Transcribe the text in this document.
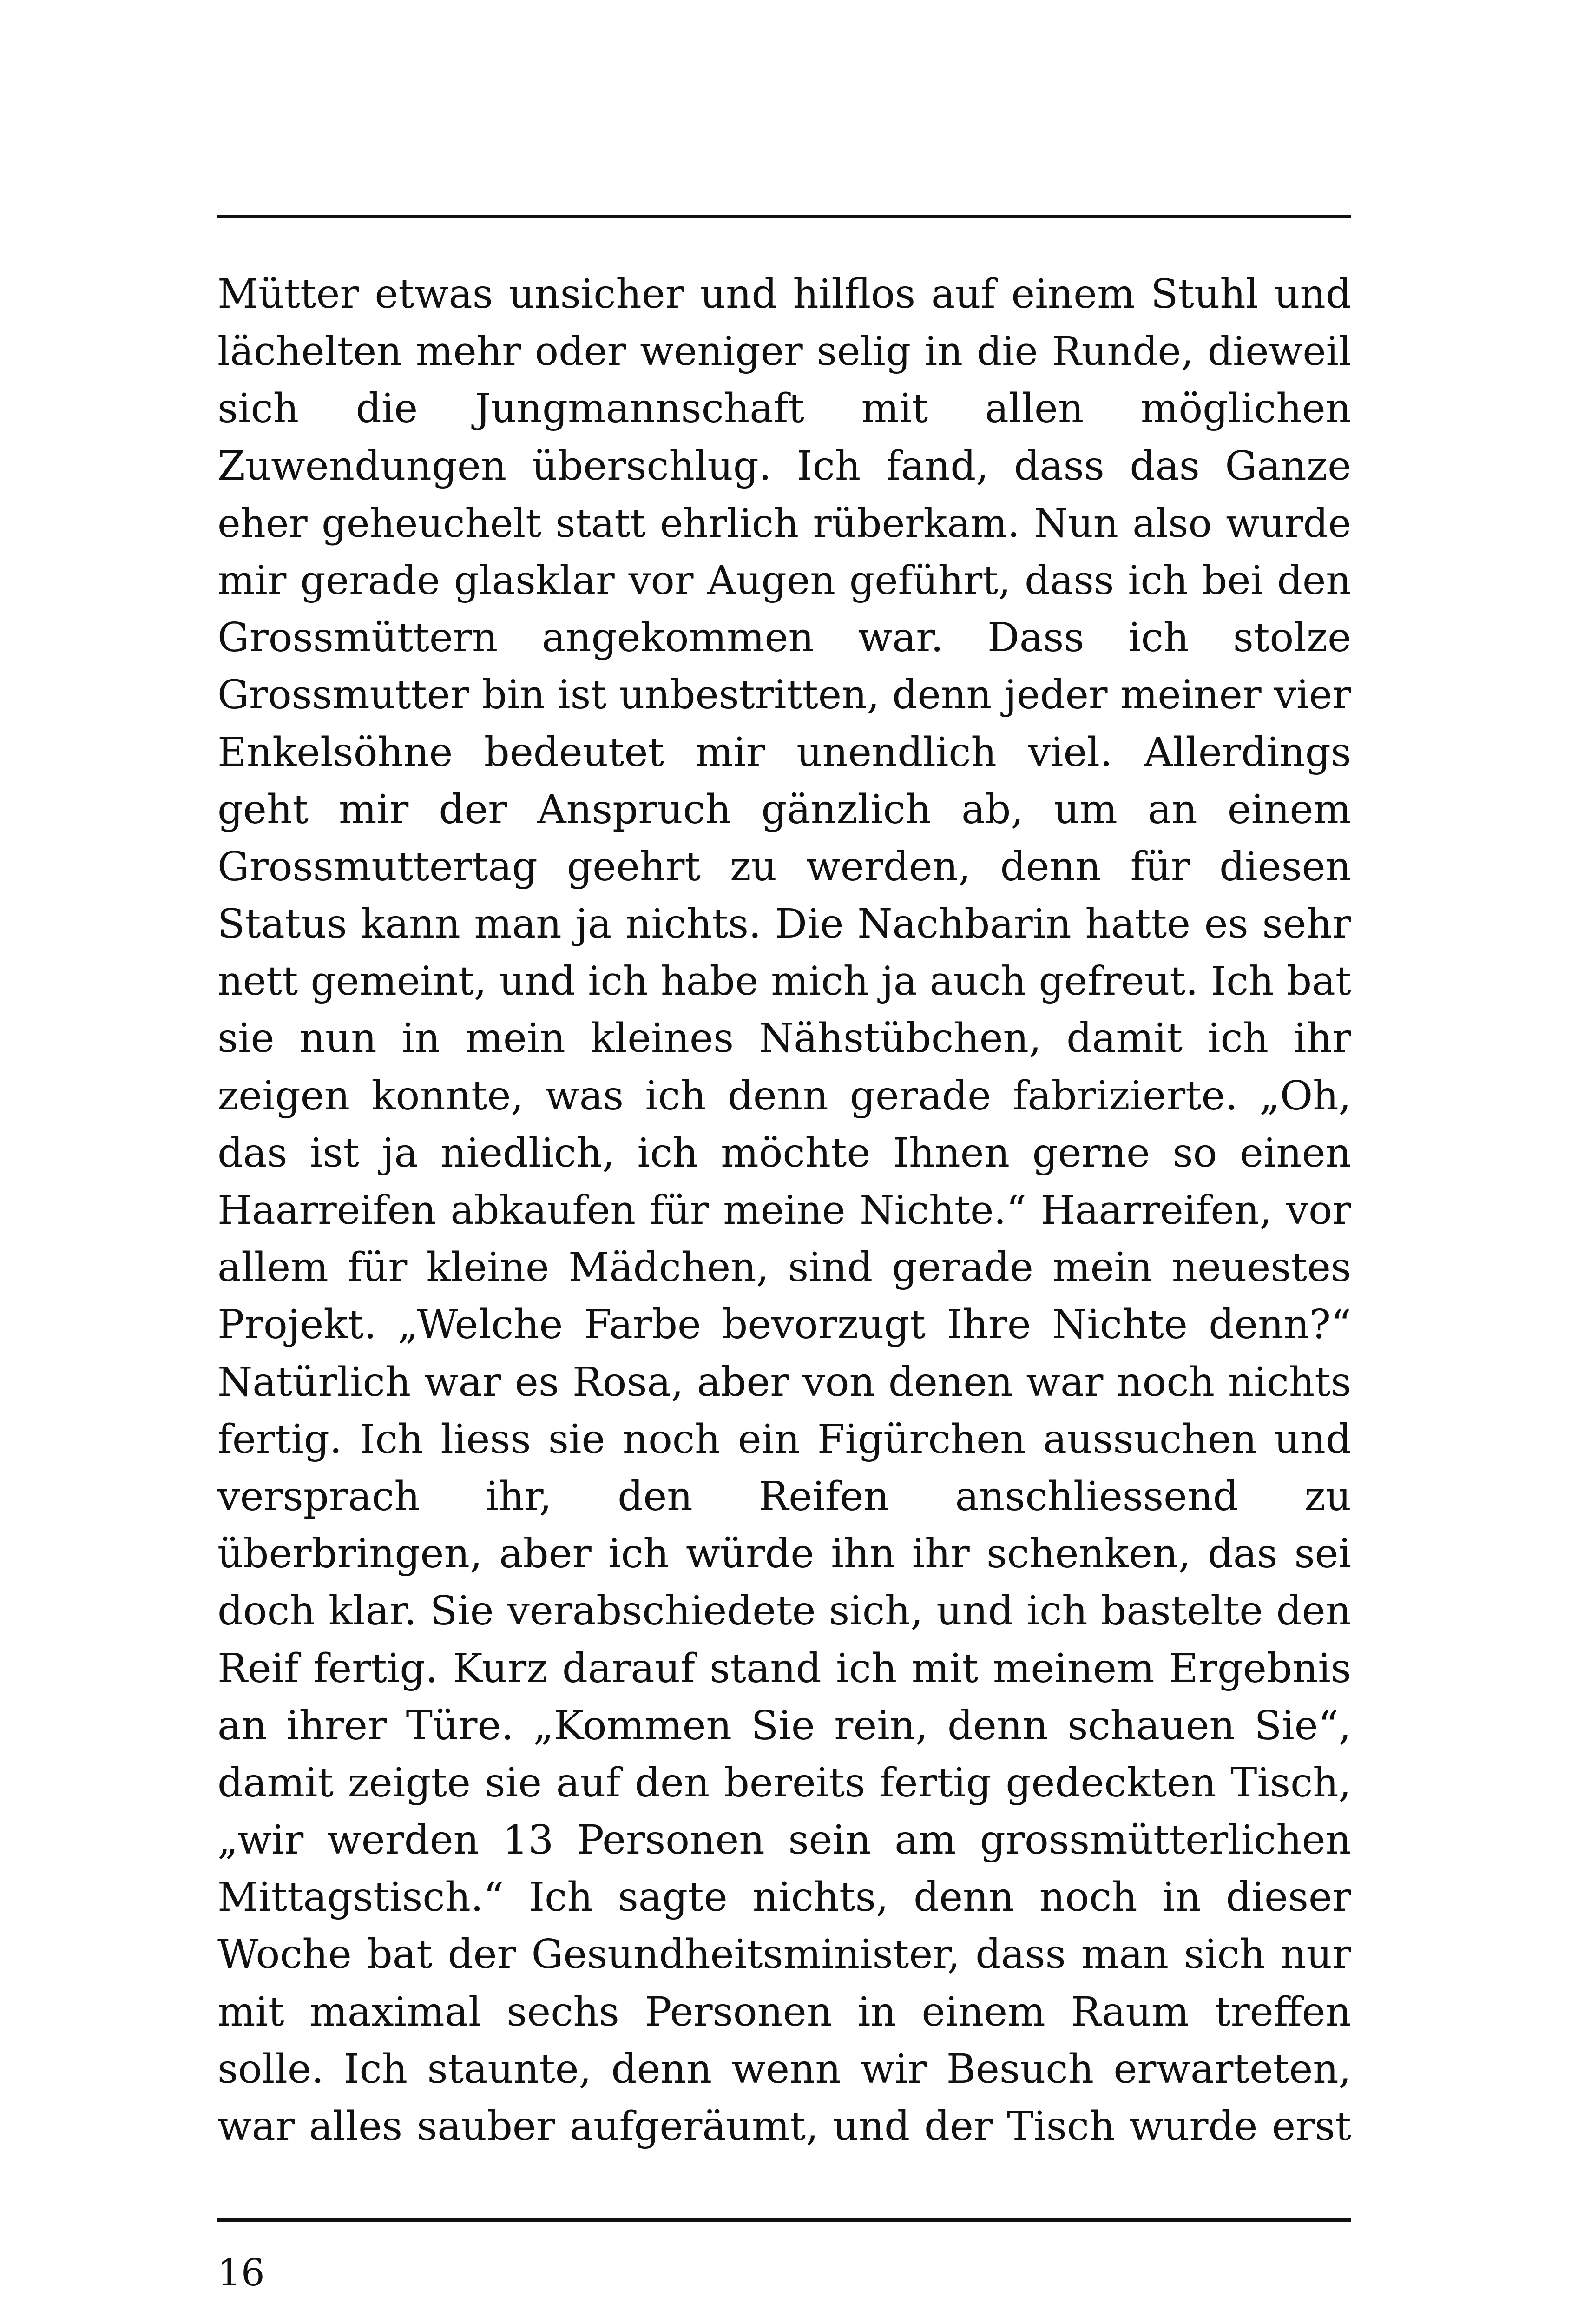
Mütter etwas unsicher und hilflos auf einem Stuhl und
lächelten mehr oder weniger selig in die Runde, dieweil
sich die Jungmannschaft mit allen möglichen
Zuwendungen überschlug. Ich fand, dass das Ganze
eher geheuchelt statt ehrlich rüberkam. Nun also wurde
mir gerade glasklar vor Augen geführt, dass ich bei den
Grossmüttern angekommen war. Dass ich stolze
Grossmutter bin ist unbestritten, denn jeder meiner vier
Enkelsöhne bedeutet mir unendlich viel. Allerdings
geht mir der Anspruch gänzlich ab, um an einem
Grossmuttertag geehrt zu werden, denn für diesen
Status kann man ja nichts. Die Nachbarin hatte es sehr
nett gemeint, und ich habe mich ja auch gefreut. Ich bat
sie nun in mein kleines Nähstübchen, damit ich ihr
zeigen konnte, was ich denn gerade fabrizierte. „Oh,
das ist ja niedlich, ich möchte Ihnen gerne so einen
Haarreifen abkaufen für meine Nichte.“ Haarreifen, vor
allem für kleine Mädchen, sind gerade mein neuestes
Projekt. „Welche Farbe bevorzugt Ihre Nichte denn?“
Natürlich war es Rosa, aber von denen war noch nichts
fertig. Ich liess sie noch ein Figürchen aussuchen und
versprach ihr, den Reifen anschliessend zu
überbringen, aber ich würde ihn ihr schenken, das sei
doch klar. Sie verabschiedete sich, und ich bastelte den
Reif fertig. Kurz darauf stand ich mit meinem Ergebnis
an ihrer Türe. „Kommen Sie rein, denn schauen Sie“,
damit zeigte sie auf den bereits fertig gedeckten Tisch,
„wir werden 13 Personen sein am grossmütterlichen
Mittagstisch.“ Ich sagte nichts, denn noch in dieser
Woche bat der Gesundheitsminister, dass man sich nur
mit maximal sechs Personen in einem Raum treffen
solle. Ich staunte, denn wenn wir Besuch erwarteten,
war alles sauber aufgeräumt, und der Tisch wurde erst
16
